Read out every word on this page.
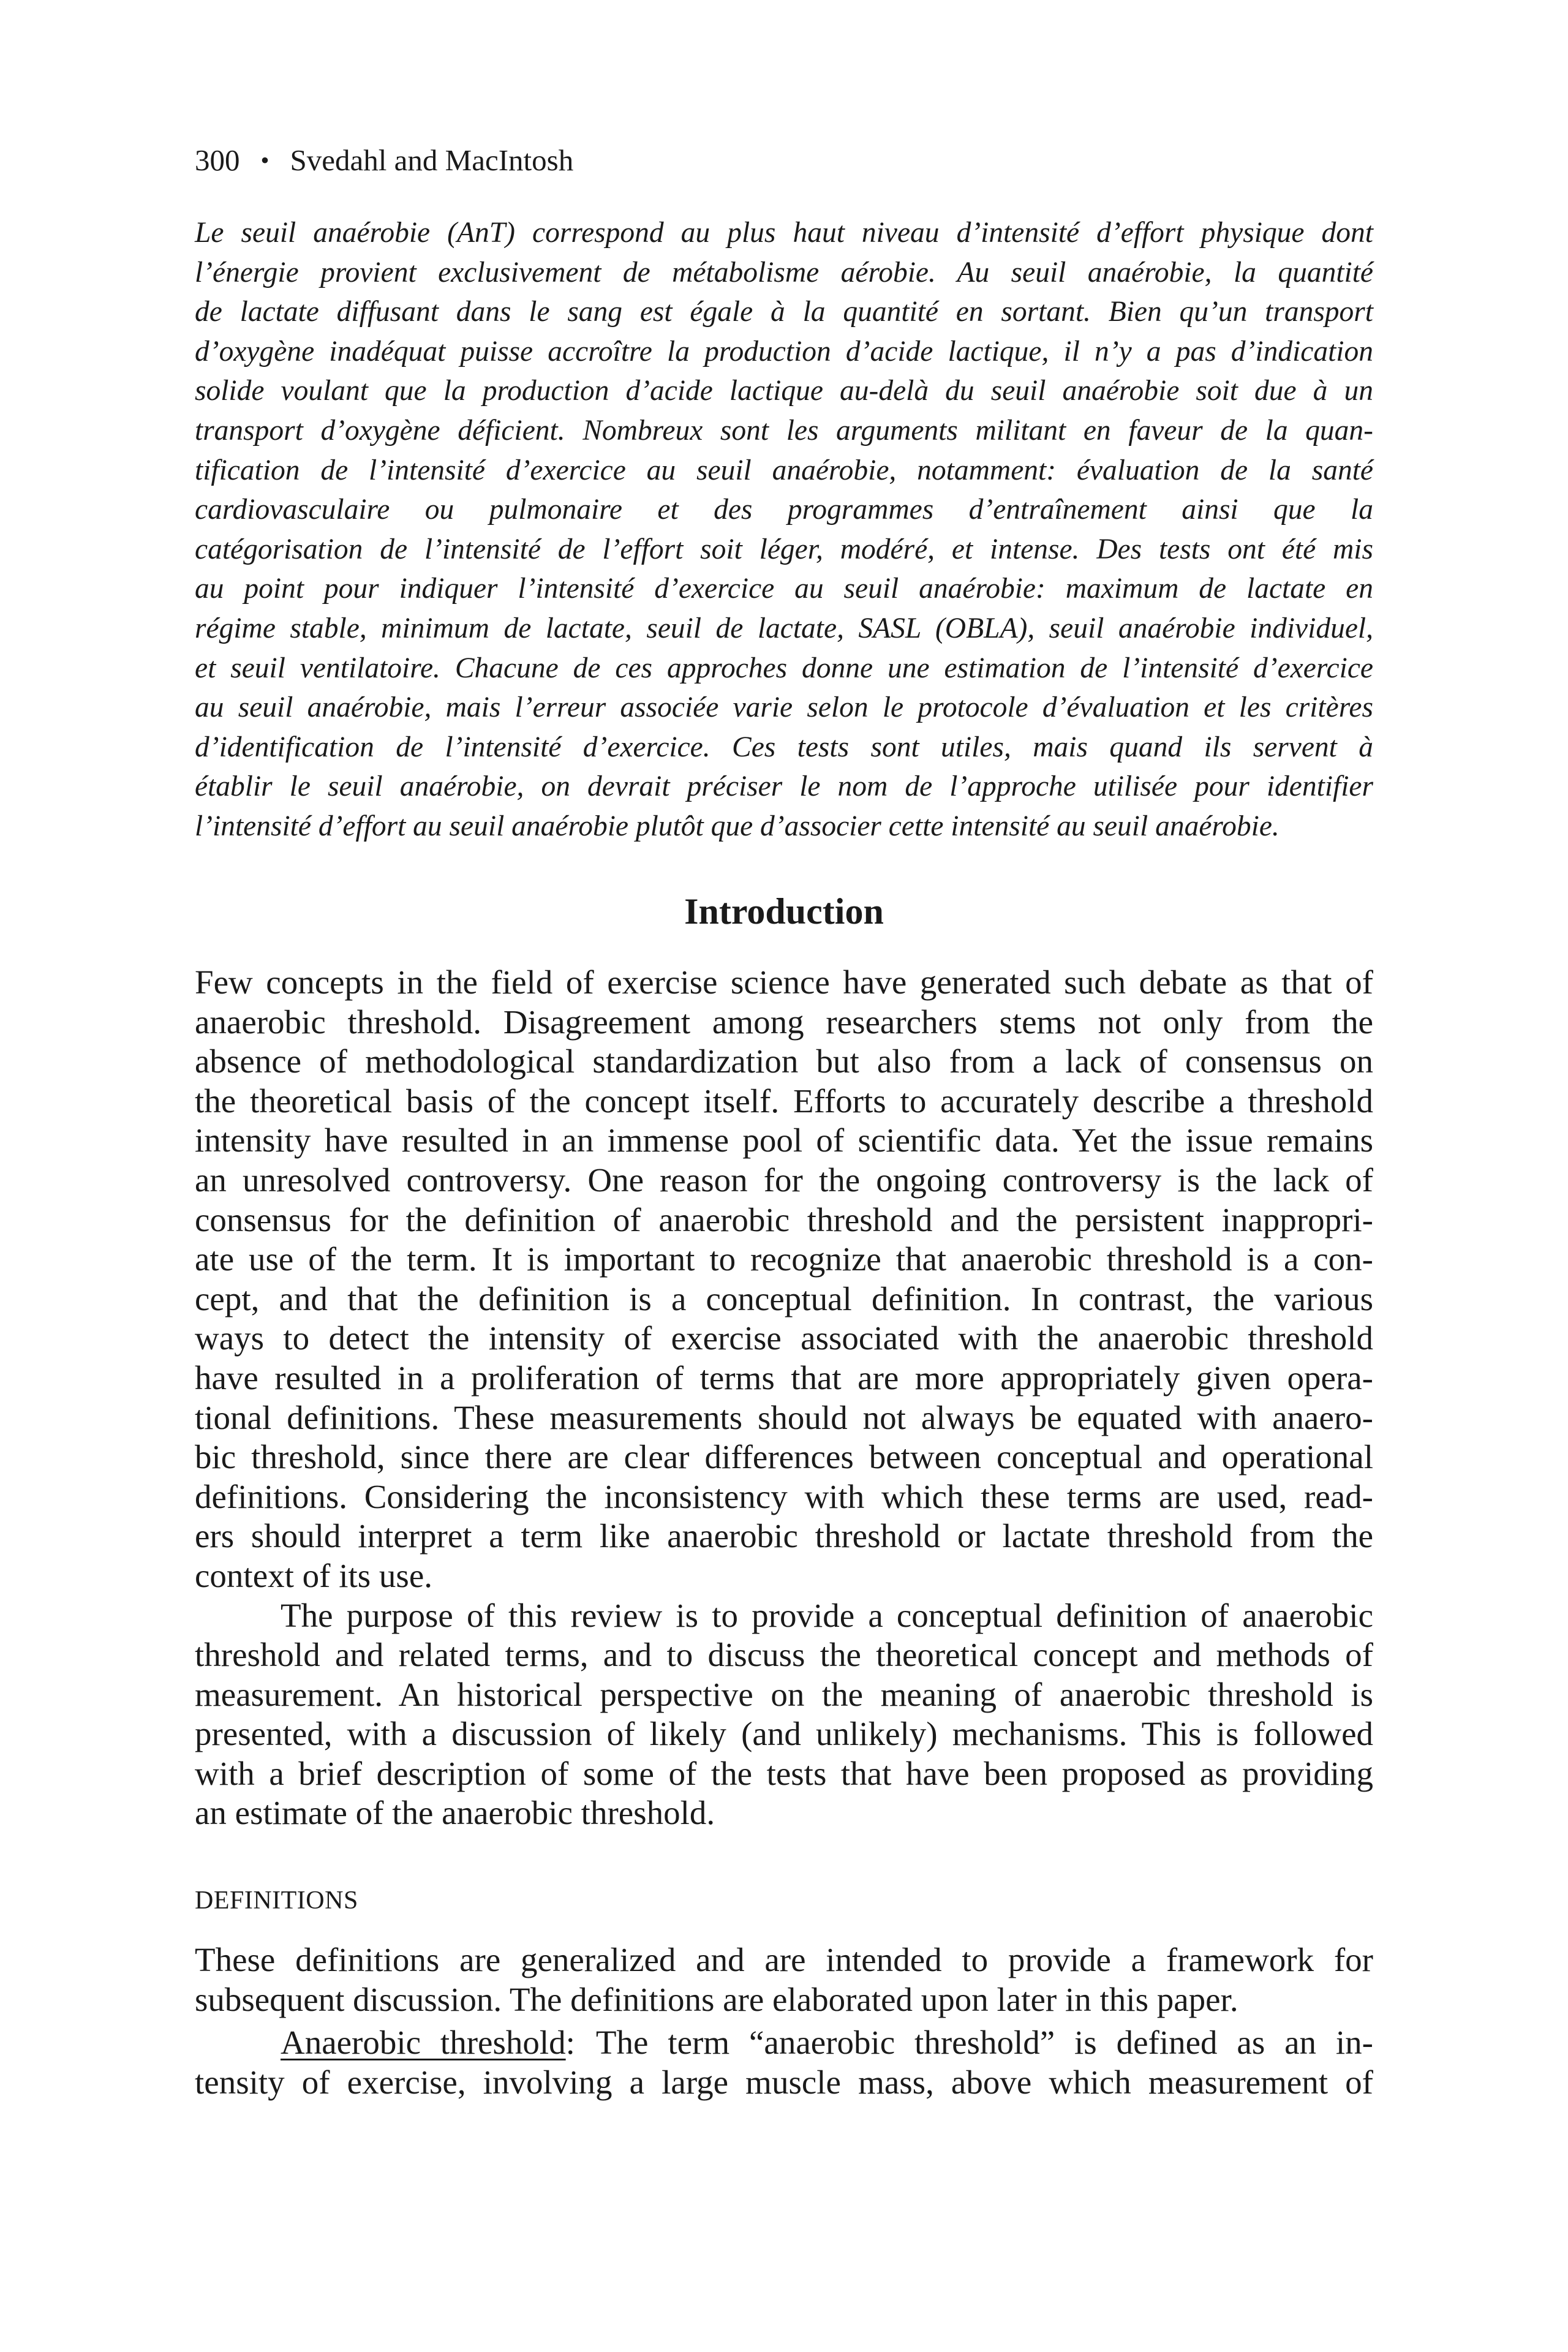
300 • Svedahl and MacIntosh
Le seuil anaérobie (AnT) correspond au plus haut niveau d’intensité d’effort physique dont
l’énergie provient exclusivement de métabolisme aérobie. Au seuil anaérobie, la quantité
de lactate diffusant dans le sang est égale à la quantité en sortant. Bien qu’un transport
d’oxygène inadéquat puisse accroître la production d’acide lactique, il n’y a pas d’indication
solide voulant que la production d’acide lactique au-delà du seuil anaérobie soit due à un
transport d’oxygène déficient. Nombreux sont les arguments militant en faveur de la quan-
tification de l’intensité d’exercice au seuil anaérobie, notamment: évaluation de la santé
cardiovasculaire ou pulmonaire et des programmes d’entraînement ainsi que la
catégorisation de l’intensité de l’effort soit léger, modéré, et intense. Des tests ont été mis
au point pour indiquer l’intensité d’exercice au seuil anaérobie: maximum de lactate en
régime stable, minimum de lactate, seuil de lactate, SASL (OBLA), seuil anaérobie individuel,
et seuil ventilatoire. Chacune de ces approches donne une estimation de l’intensité d’exercice
au seuil anaérobie, mais l’erreur associée varie selon le protocole d’évaluation et les critères
d’identification de l’intensité d’exercice. Ces tests sont utiles, mais quand ils servent à
établir le seuil anaérobie, on devrait préciser le nom de l’approche utilisée pour identifier
l’intensité d’effort au seuil anaérobie plutôt que d’associer cette intensité au seuil anaérobie.
Introduction
Few concepts in the field of exercise science have generated such debate as that of
anaerobic threshold. Disagreement among researchers stems not only from the
absence of methodological standardization but also from a lack of consensus on
the theoretical basis of the concept itself. Efforts to accurately describe a threshold
intensity have resulted in an immense pool of scientific data. Yet the issue remains
an unresolved controversy. One reason for the ongoing controversy is the lack of
consensus for the definition of anaerobic threshold and the persistent inappropri-
ate use of the term. It is important to recognize that anaerobic threshold is a con-
cept, and that the definition is a conceptual definition. In contrast, the various
ways to detect the intensity of exercise associated with the anaerobic threshold
have resulted in a proliferation of terms that are more appropriately given opera-
tional definitions. These measurements should not always be equated with anaero-
bic threshold, since there are clear differences between conceptual and operational
definitions. Considering the inconsistency with which these terms are used, read-
ers should interpret a term like anaerobic threshold or lactate threshold from the
context of its use.
The purpose of this review is to provide a conceptual definition of anaerobic
threshold and related terms, and to discuss the theoretical concept and methods of
measurement. An historical perspective on the meaning of anaerobic threshold is
presented, with a discussion of likely (and unlikely) mechanisms. This is followed
with a brief description of some of the tests that have been proposed as providing
an estimate of the anaerobic threshold.
DEFINITIONS
These definitions are generalized and are intended to provide a framework for
subsequent discussion. The definitions are elaborated upon later in this paper.
Anaerobic threshold: The term “anaerobic threshold” is defined as an in-
tensity of exercise, involving a large muscle mass, above which measurement of
